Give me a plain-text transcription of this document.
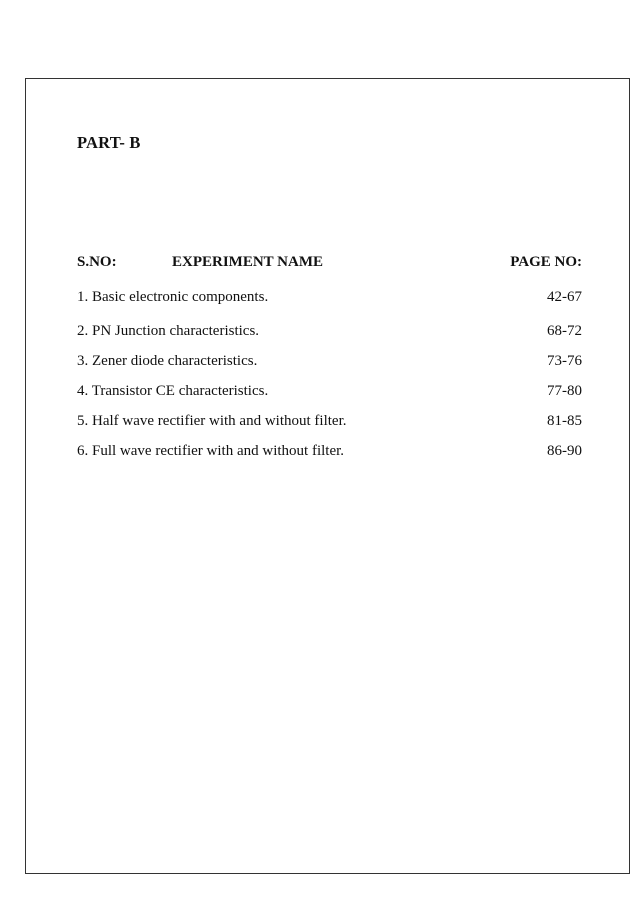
PART- B
S.NO:	EXPERIMENT NAME	PAGE NO:
1. Basic electronic components.	42-67
2. PN Junction characteristics.	68-72
3. Zener diode characteristics.	73-76
4. Transistor CE characteristics.	77-80
5. Half wave rectifier with and without filter.	81-85
6. Full wave rectifier with and without filter.	86-90
